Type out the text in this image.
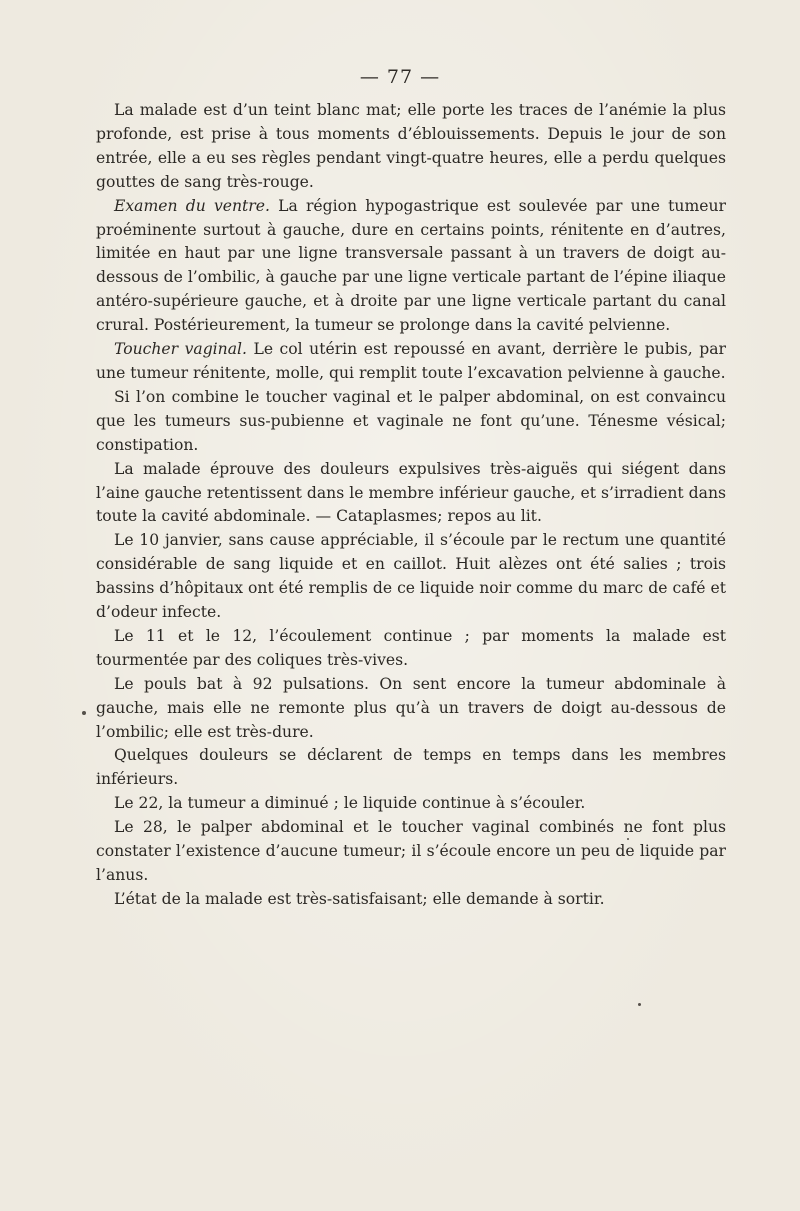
— 77 —

La malade est d’un teint blanc mat; elle porte les traces de l’anémie la plus profonde, est prise à tous moments d’éblouissements. Depuis le jour de son entrée, elle a eu ses règles pendant vingt-quatre heures, elle a perdu quelques gouttes de sang très-rouge.

Examen du ventre. La région hypogastrique est soulevée par une tumeur proéminente surtout à gauche, dure en certains points, rénitente en d’autres, limitée en haut par une ligne transversale passant à un travers de doigt au-dessous de l’ombilic, à gauche par une ligne verticale partant de l’épine iliaque antéro-supérieure gauche, et à droite par une ligne verticale partant du canal crural. Postérieurement, la tumeur se prolonge dans la cavité pelvienne.

Toucher vaginal. Le col utérin est repoussé en avant, derrière le pubis, par une tumeur rénitente, molle, qui remplit toute l’excavation pelvienne à gauche.

Si l’on combine le toucher vaginal et le palper abdominal, on est convaincu que les tumeurs sus-pubienne et vaginale ne font qu’une. Ténesme vésical; constipation.

La malade éprouve des douleurs expulsives très-aiguës qui siégent dans l’aine gauche retentissent dans le membre inférieur gauche, et s’irradient dans toute la cavité abdominale. — Cataplasmes; repos au lit.

Le 10 janvier, sans cause appréciable, il s’écoule par le rectum une quantité considérable de sang liquide et en caillot. Huit alèzes ont été salies ; trois bassins d’hôpitaux ont été remplis de ce liquide noir comme du marc de café et d’odeur infecte.

Le 11 et le 12, l’écoulement continue ; par moments la malade est tourmentée par des coliques très-vives.

Le pouls bat à 92 pulsations. On sent encore la tumeur abdominale à gauche, mais elle ne remonte plus qu’à un travers de doigt au-dessous de l’ombilic; elle est très-dure.

Quelques douleurs se déclarent de temps en temps dans les membres inférieurs.

Le 22, la tumeur a diminué ; le liquide continue à s’écouler.

Le 28, le palper abdominal et le toucher vaginal combinés ne font plus constater l’existence d’aucune tumeur; il s’écoule encore un peu de liquide par l’anus.

L’état de la malade est très-satisfaisant; elle demande à sortir.
